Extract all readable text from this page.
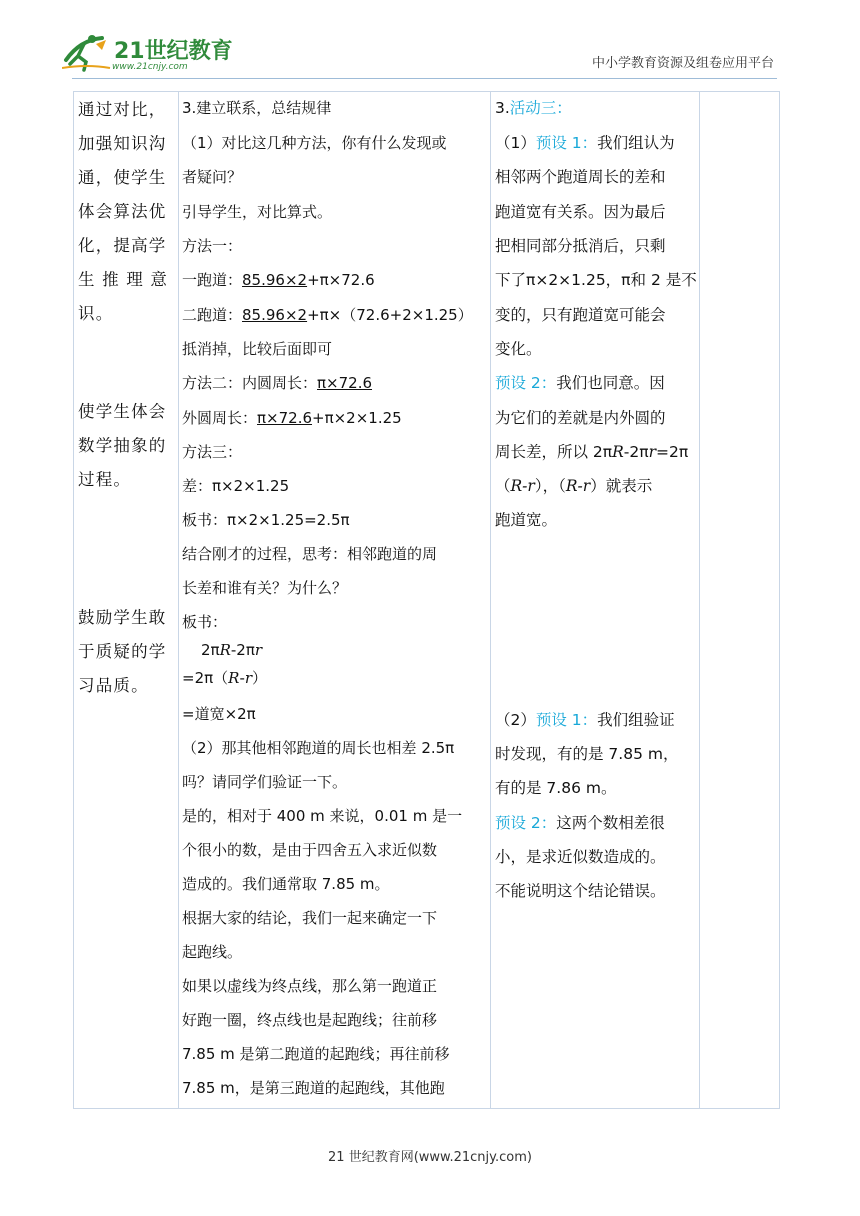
21世纪教育
www.21cnjy.com	中小学教育资源及组卷应用平台
通过对比，
加强知识沟
通，使学生
体会算法优
化，提高学
生 推 理 意
识。
使学生体会
数学抽象的
过程。
鼓励学生敢
于质疑的学
习品质。

3.建立联系，总结规律
（1）对比这几种方法，你有什么发现或
者疑问？
引导学生，对比算式。
方法一：
一跑道：85.96×2+π×72.6
二跑道：85.96×2+π×（72.6+2×1.25）
抵消掉，比较后面即可
方法二：内圆周长：π×72.6
外圆周长：π×72.6+π×2×1.25
方法三：
差：π×2×1.25
板书：π×2×1.25=2.5π
结合刚才的过程，思考：相邻跑道的周
长差和谁有关？为什么？
板书：
2πR-2πr
=2π（R-r）
=道宽×2π
（2）那其他相邻跑道的周长也相差 2.5π
吗？请同学们验证一下。
是的，相对于 400 m 来说，0.01 m 是一
个很小的数，是由于四舍五入求近似数
造成的。我们通常取 7.85 m。
根据大家的结论，我们一起来确定一下
起跑线。
如果以虚线为终点线，那么第一跑道正
好跑一圈，终点线也是起跑线；往前移
7.85 m 是第二跑道的起跑线；再往前移
7.85 m，是第三跑道的起跑线，其他跑

3.活动三：
（1）预设 1：我们组认为
相邻两个跑道周长的差和
跑道宽有关系。因为最后
把相同部分抵消后，只剩
下了π×2×1.25，π和 2 是不
变的，只有跑道宽可能会
变化。
预设 2：我们也同意。因
为它们的差就是内外圆的
周长差，所以 2πR-2πr=2π
（R-r），（R-r）就表示
跑道宽。
（2）预设 1：我们组验证
时发现，有的是 7.85 m，
有的是 7.86 m。
预设 2：这两个数相差很
小，是求近似数造成的。
不能说明这个结论错误。

21 世纪教育网(www.21cnjy.com)
